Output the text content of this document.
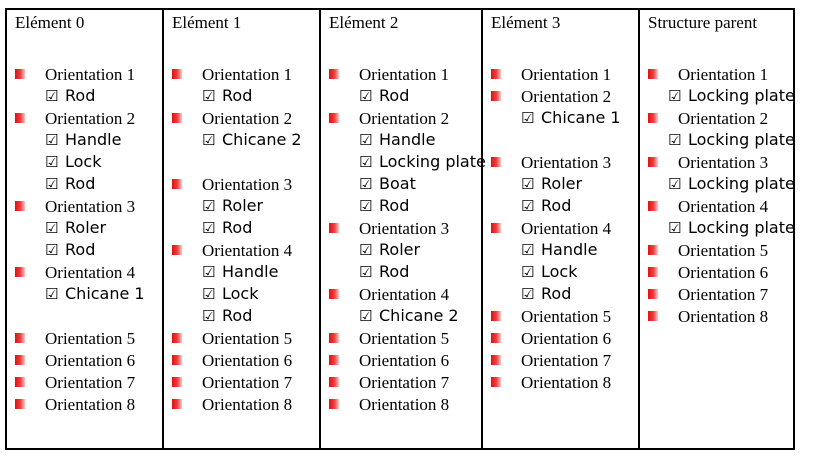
Elément 0
Orientation 1
☑ Rod
Orientation 2
☑ Handle
☑ Lock
☑ Rod
Orientation 3
☑ Roler
☑ Rod
Orientation 4
☑ Chicane 1
Orientation 5
Orientation 6
Orientation 7
Orientation 8
Elément 1
Orientation 1
☑ Rod
Orientation 2
☑ Chicane 2
Orientation 3
☑ Roler
☑ Rod
Orientation 4
☑ Handle
☑ Lock
☑ Rod
Orientation 5
Orientation 6
Orientation 7
Orientation 8
Elément 2
Orientation 1
☑ Rod
Orientation 2
☑ Handle
☑ Locking plate
☑ Boat
☑ Rod
Orientation 3
☑ Roler
☑ Rod
Orientation 4
☑ Chicane 2
Orientation 5
Orientation 6
Orientation 7
Orientation 8
Elément 3
Orientation 1
Orientation 2
☑ Chicane 1
Orientation 3
☑ Roler
☑ Rod
Orientation 4
☑ Handle
☑ Lock
☑ Rod
Orientation 5
Orientation 6
Orientation 7
Orientation 8
Structure parent
Orientation 1
☑ Locking plate
Orientation 2
☑ Locking plate
Orientation 3
☑ Locking plate
Orientation 4
☑ Locking plate
Orientation 5
Orientation 6
Orientation 7
Orientation 8
